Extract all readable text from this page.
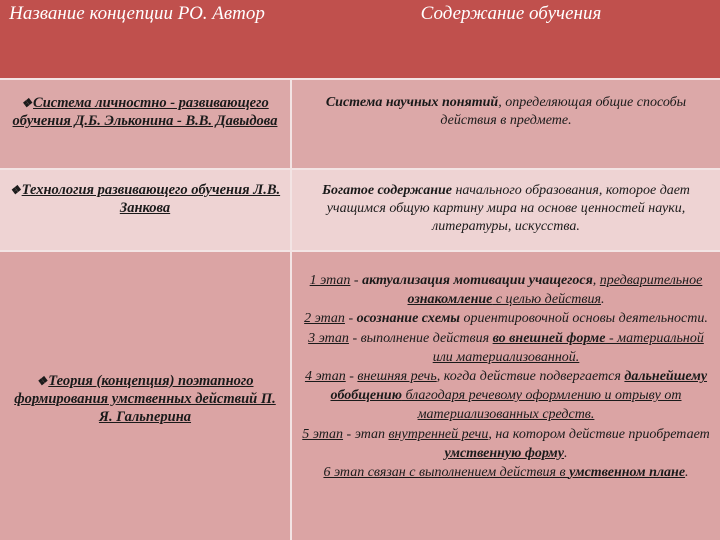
Название концепции РО. Автор	Содержание обучения
❖Система личностно - развивающего обучения Д.Б. Эльконина - В.В. Давыдова
Система научных понятий, определяющая общие способы действия в предмете.
❖Технология развивающего обучения Л.В. Занкова
Богатое содержание начального образования, которое дает учащимся общую картину мира на основе ценностей науки, литературы, искусства.
❖Теория (концепция) поэтапного формирования умственных действий П. Я. Гальперина
1 этап - актуализация мотивации учащегося, предварительное ознакомление с целью действия.
2 этап - осознание схемы ориентировочной основы деятельности.
3 этап - выполнение действия во внешней форме - материальной или материализованной.
4 этап - внешняя речь, когда действие подвергается дальнейшему обобщению благодаря речевому оформлению и отрыву от материализованных средств.
5 этап - этап внутренней речи, на котором действие приобретает умственную форму.
6 этап связан с выполнением действия в умственном плане.
